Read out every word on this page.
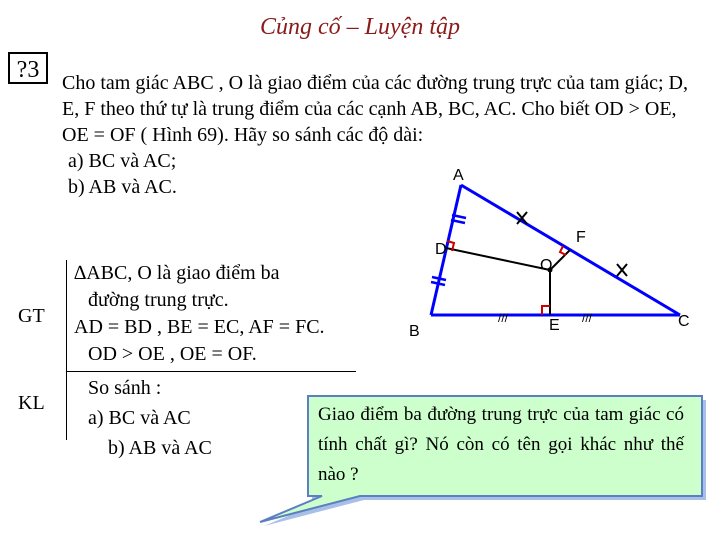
Củng cố – Luyện tập
?3	Cho tam giác ABC , O là giao điểm của các đường trung trực của tam giác; D, E, F theo thứ tự là trung điểm của các cạnh AB, BC, AC. Cho biết OD > OE, OE = OF ( Hình 69). Hãy so sánh các độ dài:

a) BC và AC;

b) AB và AC.

GT
KL
∆ABC, O là giao điểm ba
đường trung trực.
AD = BD , BE = EC, AF = FC.
OD > OE , OE = OF.
So sánh :
a) BC và AC
b) AB và AC
///	///
A
B
C
D
E
F
O
Giao điểm ba đường trung trực của tam giác có tính chất gì? Nó còn có tên gọi khác như thế nào ?
